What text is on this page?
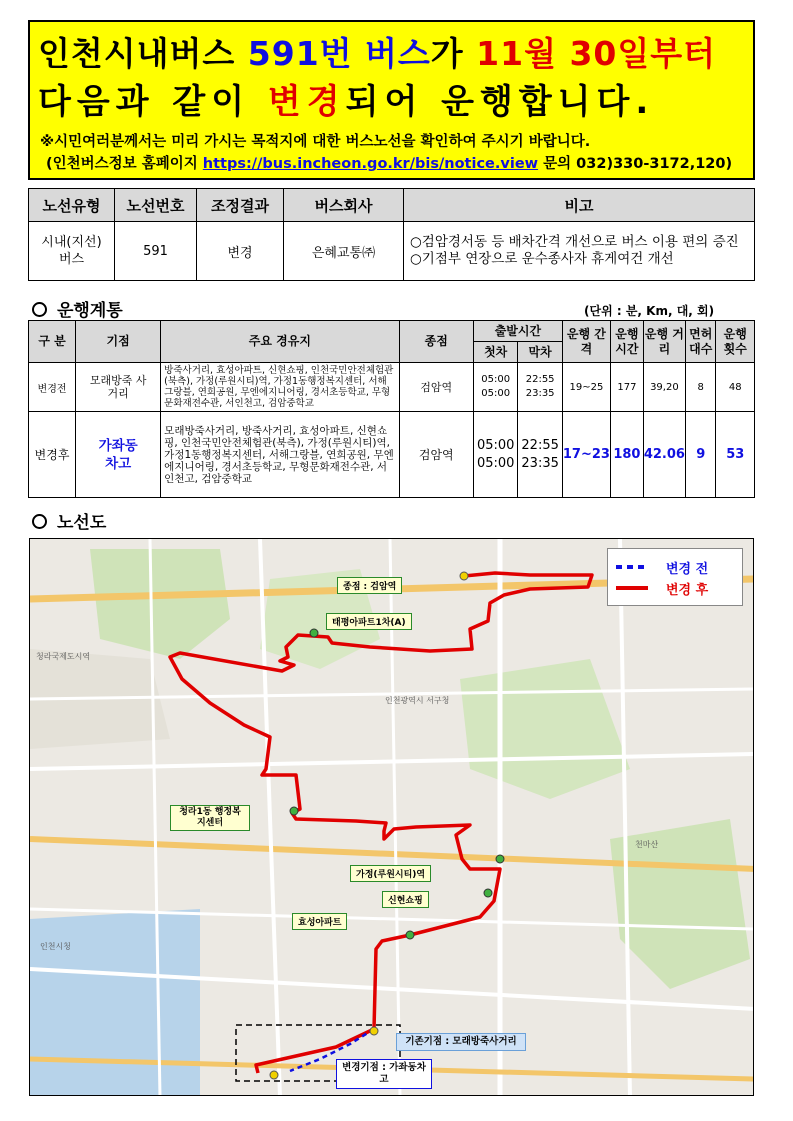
인천시내버스 591번 버스가 11월 30일부터
다음과 같이 변경되어 운행합니다.
※시민여러분께서는 미리 가시는 목적지에 대한 버스노선을 확인하여 주시기 바랍니다.
(인천버스정보 홈페이지 https://bus.incheon.go.kr/bis/notice.view 문의 032)330-3172,120)
노선유형	노선번호	조정결과	버스회사	비고
시내(지선) 버스	591	변경	은혜교통㈜	○검암경서동 등 배차간격 개선으로 버스 이용 편의 증진
○기점부 연장으로 운수종사자 휴게여건 개선
운행계통	(단위 : 분, Km, 대, 회)
구 분	기점	주요 경유지	종점	출발시간		운행 간격	운행 시간	운행 거리	면허 대수	운행 횟수
				첫차	막차					
변경전	모래방죽 사거리	방죽사거리, 효성아파트, 신현쇼핑, 인천국민안전체험관(북측), 가정(루원시티)역, 가정1동행정복지센터, 서해그랑블, 연희공원, 무엔에지니어링, 경서초등학교, 무형문화재전수관, 서인천고, 검암중학교	검암역	05:00 05:00	22:55 23:35	19~25	177	39,20	8	48
변경후	가좌동 차고	모래방죽사거리, 방죽사거리, 효성아파트, 신현쇼핑, 인천국민안전체험관(북측), 가정(루원시티)역, 가정1동행정복지센터, 서해그랑블, 연희공원, 무엔에지니어링, 경서초등학교, 무형문화재전수관, 서인천고, 검암중학교	검암역	05:00 05:00	22:55 23:35	17~23	180	42.06	9	53
노선도
인천광역시 서구청
청라국제도시역
천마산
인천시청
종점 : 검암역
태평아파트1차(A)
청라1동 행정복지센터
가정(루원시티)역
신현쇼핑
효성아파트
기존기점 : 모래방죽사거리
변경기점 : 가좌동차고
변경 전
변경 후
